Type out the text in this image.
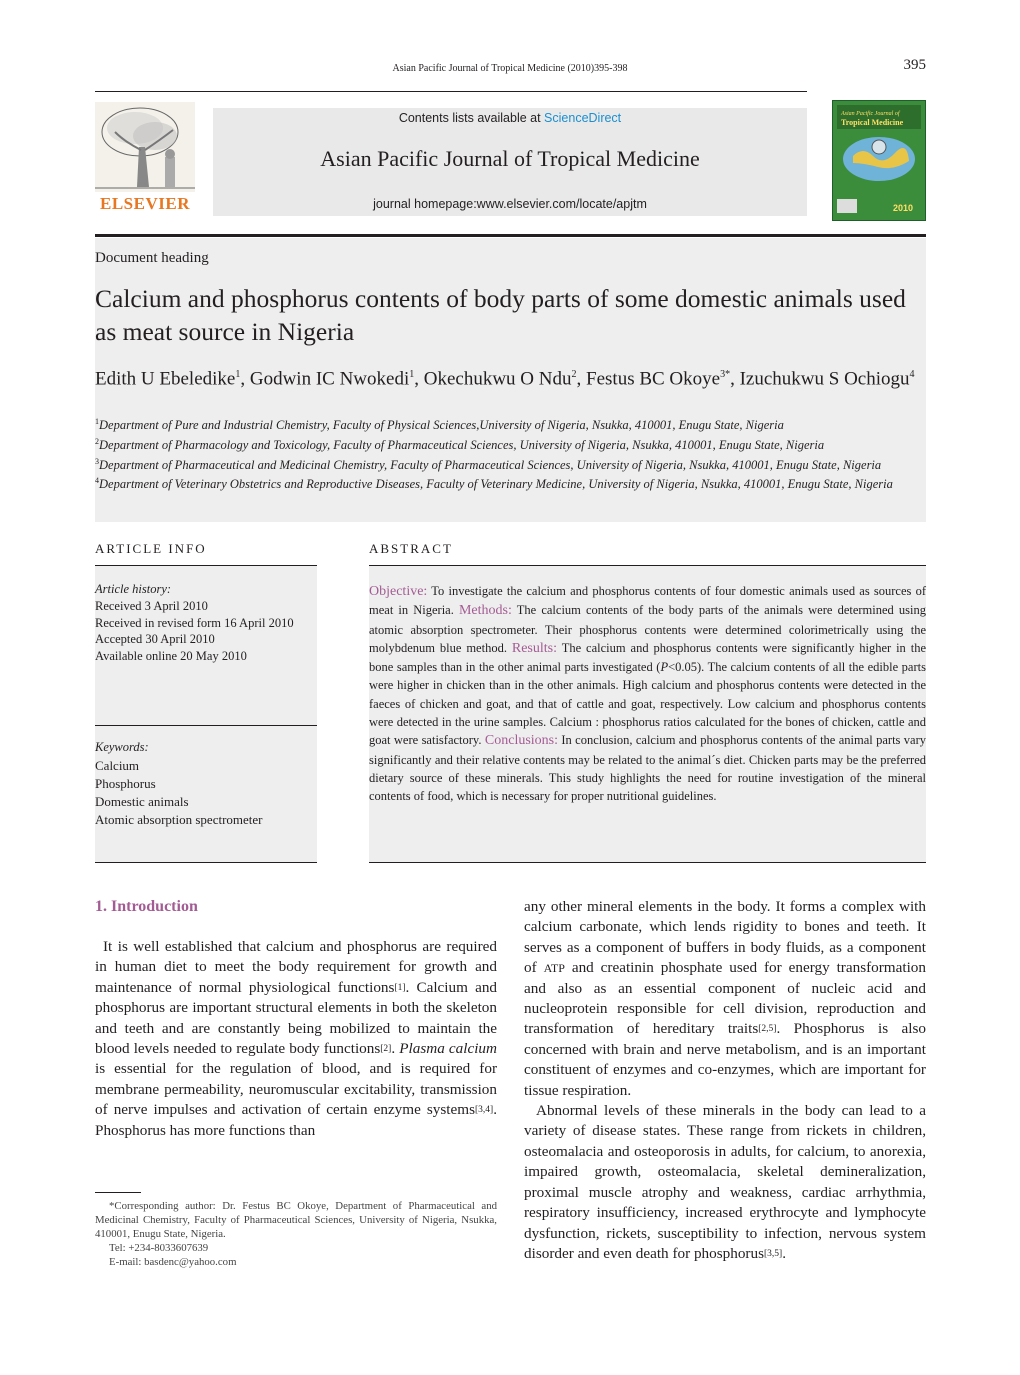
Asian Pacific Journal of Tropical Medicine (2010)395-398	395
ELSEVIER
Contents lists available at ScienceDirect
Asian Pacific Journal of Tropical Medicine
journal homepage:www.elsevier.com/locate/apjtm
Asian Pacific Journal of
Tropical Medicine
2010
Document heading
Calcium and phosphorus contents of body parts of some domestic animals used as meat source in Nigeria
Edith U Ebeledike$^1$, Godwin IC Nwokedi$^1$, Okechukwu O Ndu$^2$, Festus BC Okoye$^{3*}$, Izuchukwu S Ochiogu$^4$
$^1$Department of Pure and Industrial Chemistry, Faculty of Physical Sciences,University of Nigeria, Nsukka, 410001, Enugu State, Nigeria
$^2$Department of Pharmacology and Toxicology, Faculty of Pharmaceutical Sciences, University of Nigeria, Nsukka, 410001, Enugu State, Nigeria
$^3$Department of Pharmaceutical and Medicinal Chemistry, Faculty of Pharmaceutical Sciences, University of Nigeria, Nsukka, 410001, Enugu State, Nigeria
$^4$Department of Veterinary Obstetrics and Reproductive Diseases, Faculty of Veterinary Medicine, University of Nigeria, Nsukka, 410001, Enugu State, Nigeria
ARTICLE INFO	ABSTRACT
Article history:
Received 3 April 2010
Received in revised form 16 April 2010
Accepted 30 April 2010
Available online 20 May 2010
Keywords:
Calcium
Phosphorus
Domestic animals
Atomic absorption spectrometer
Objective: To investigate the calcium and phosphorus contents of four domestic animals used as sources of meat in Nigeria. Methods: The calcium contents of the body parts of the animals were determined using atomic absorption spectrometer. Their phosphorus contents were determined colorimetrically using the molybdenum blue method. Results: The calcium and phosphorus contents were significantly higher in the bone samples than in the other animal parts investigated (P<0.05). The calcium contents of all the edible parts were higher in chicken than in the other animals. High calcium and phosphorus contents were detected in the faeces of chicken and goat, and that of cattle and goat, respectively. Low calcium and phosphorus contents were detected in the urine samples. Calcium : phosphorus ratios calculated for the bones of chicken, cattle and goat were satisfactory. Conclusions: In conclusion, calcium and phosphorus contents of the animal parts vary significantly and their relative contents may be related to the animal´s diet. Chicken parts may be the preferred dietary source of these minerals. This study highlights the need for routine investigation of the mineral contents of food, which is necessary for proper nutritional guidelines.
1. Introduction

It is well established that calcium and phosphorus are required in human diet to meet the body requirement for growth and maintenance of normal physiological functions[1]. Calcium and phosphorus are important structural elements in both the skeleton and teeth and are constantly being mobilized to maintain the blood levels needed to regulate body functions[2]. Plasma calcium is essential for the regulation of blood, and is required for membrane permeability, neuromuscular excitability, transmission of nerve impulses and activation of certain enzyme systems[3,4]. Phosphorus has more functions than

any other mineral elements in the body. It forms a complex with calcium carbonate, which lends rigidity to bones and teeth. It serves as a component of buffers in body fluids, as a component of ATP and creatinin phosphate used for energy transformation and also as an essential component of nucleic acid and nucleoprotein responsible for cell division, reproduction and transformation of hereditary traits[2,5]. Phosphorus is also concerned with brain and nerve metabolism, and is an important constituent of enzymes and co-enzymes, which are important for tissue respiration.

Abnormal levels of these minerals in the body can lead to a variety of disease states. These range from rickets in children, osteomalacia and osteoporosis in adults, for calcium, to anorexia, impaired growth, osteomalacia, skeletal demineralization, proximal muscle atrophy and weakness, cardiac arrhythmia, respiratory insufficiency, increased erythrocyte and lymphocyte dysfunction, rickets, susceptibility to infection, nervous system disorder and even death for phosphorus[3,5].

*Corresponding author: Dr. Festus BC Okoye, Department of Pharmaceutical and Medicinal Chemistry, Faculty of Pharmaceutical Sciences, University of Nigeria, Nsukka, 410001, Enugu State, Nigeria.
Tel: +234-8033607639
E-mail: basdenc@yahoo.com
